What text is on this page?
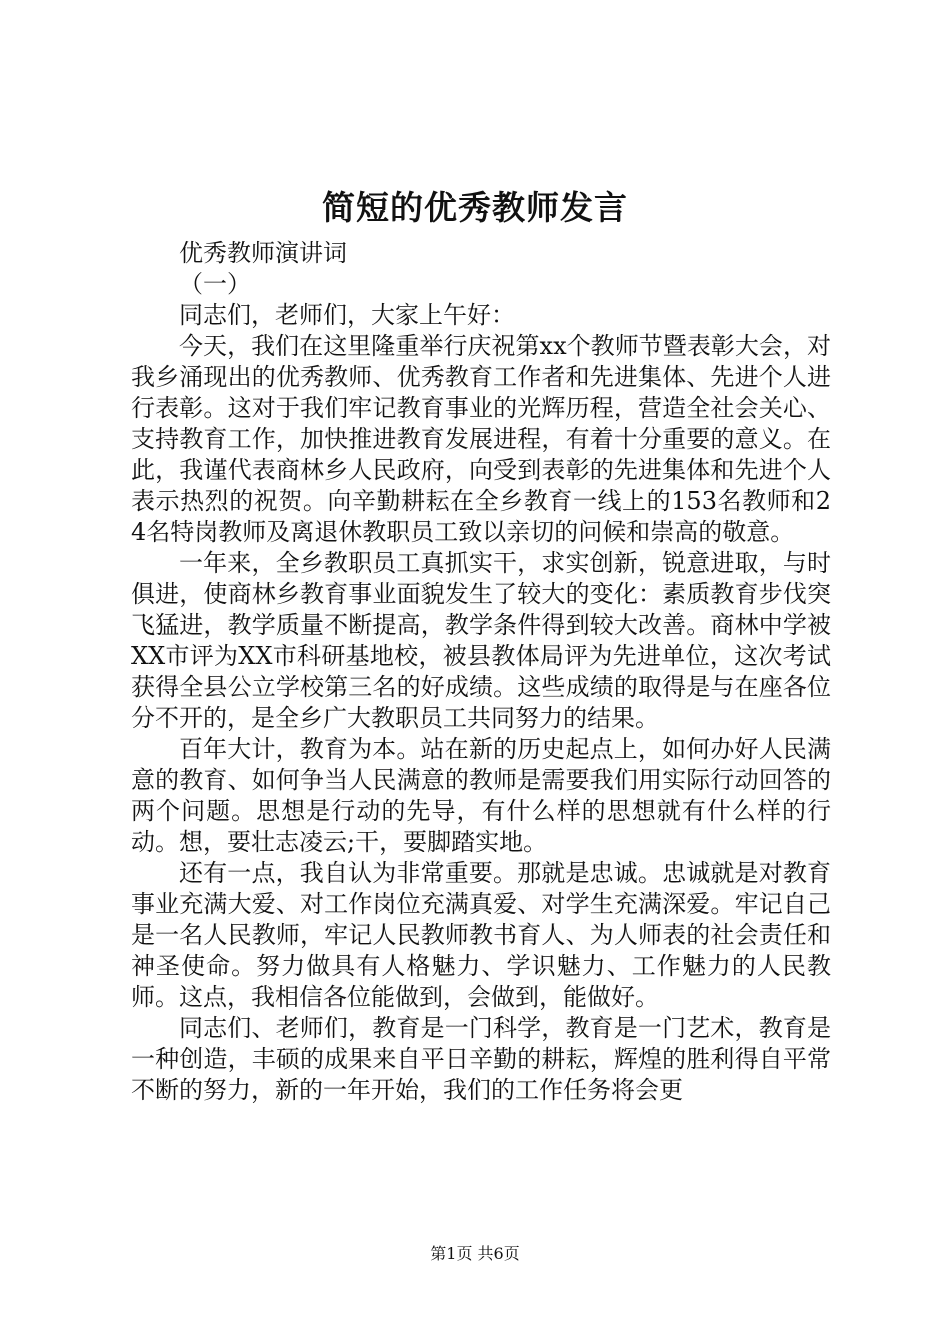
简短的优秀教师发言

优秀教师演讲词

（一）

同志们，老师们，大家上午好：

今天，我们在这里隆重举行庆祝第xx个教师节暨表彰大会，对我乡涌现出的优秀教师、优秀教育工作者和先进集体、先进个人进行表彰。这对于我们牢记教育事业的光辉历程，营造全社会关心、支持教育工作，加快推进教育发展进程，有着十分重要的意义。在此，我谨代表商林乡人民政府，向受到表彰的先进集体和先进个人表示热烈的祝贺。向辛勤耕耘在全乡教育一线上的153名教师和24名特岗教师及离退休教职员工致以亲切的问候和崇高的敬意。

一年来，全乡教职员工真抓实干，求实创新，锐意进取，与时俱进，使商林乡教育事业面貌发生了较大的变化：素质教育步伐突飞猛进，教学质量不断提高，教学条件得到较大改善。商林中学被XX市评为XX市科研基地校，被县教体局评为先进单位，这次考试获得全县公立学校第三名的好成绩。这些成绩的取得是与在座各位分不开的，是全乡广大教职员工共同努力的结果。

百年大计，教育为本。站在新的历史起点上，如何办好人民满意的教育、如何争当人民满意的教师是需要我们用实际行动回答的两个问题。思想是行动的先导，有什么样的思想就有什么样的行动。想，要壮志凌云;干，要脚踏实地。

还有一点，我自认为非常重要。那就是忠诚。忠诚就是对教育事业充满大爱、对工作岗位充满真爱、对学生充满深爱。牢记自己是一名人民教师，牢记人民教师教书育人、为人师表的社会责任和神圣使命。努力做具有人格魅力、学识魅力、工作魅力的人民教师。这点，我相信各位能做到，会做到，能做好。

同志们、老师们，教育是一门科学，教育是一门艺术，教育是一种创造，丰硕的成果来自平日辛勤的耕耘，辉煌的胜利得自平常不断的努力，新的一年开始，我们的工作任务将会更

第1页 共6页
